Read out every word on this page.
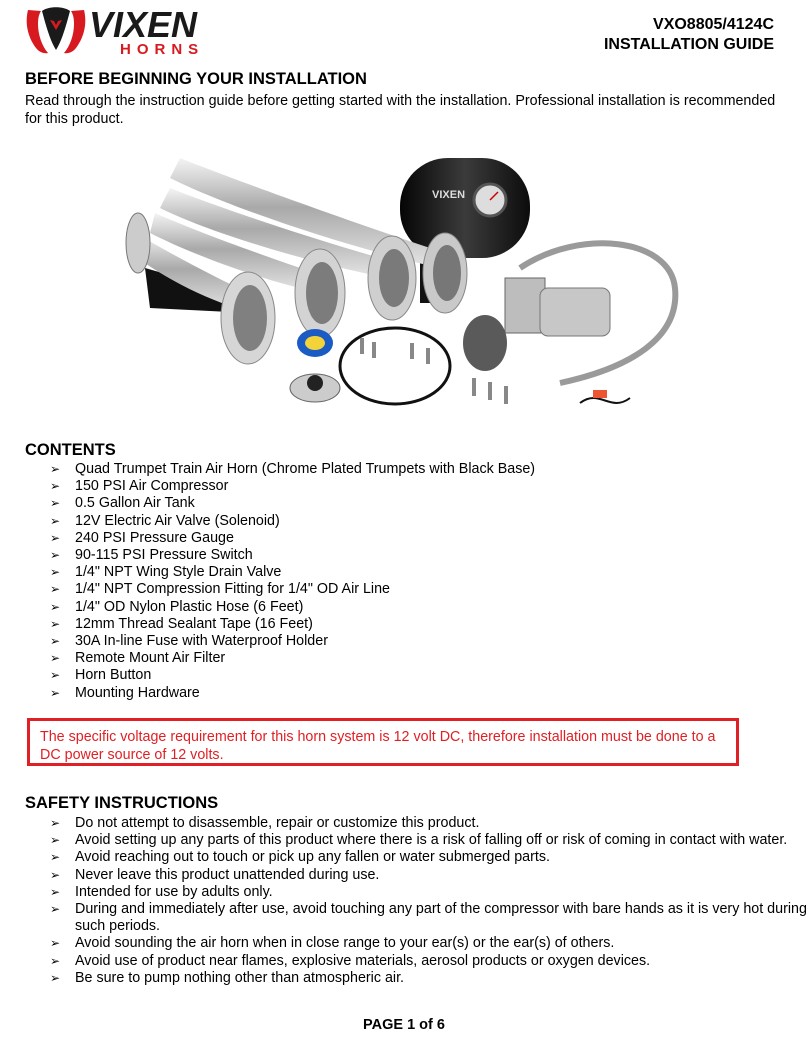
VIXEN
HORNS
VXO8805/4124C
INSTALLATION GUIDE
BEFORE BEGINNING YOUR INSTALLATION

Read through the instruction guide before getting started with the installation. Professional installation is recommended for this product.

VIXEN
CONTENTS
➢ Quad Trumpet Train Air Horn (Chrome Plated Trumpets with Black Base)
➢ 150 PSI Air Compressor
➢ 0.5 Gallon Air Tank
➢ 12V Electric Air Valve (Solenoid)
➢ 240 PSI Pressure Gauge
➢ 90-115 PSI Pressure Switch
➢ 1/4" NPT Wing Style Drain Valve
➢ 1/4" NPT Compression Fitting for 1/4" OD Air Line
➢ 1/4" OD Nylon Plastic Hose (6 Feet)
➢ 12mm Thread Sealant Tape (16 Feet)
➢ 30A In-line Fuse with Waterproof Holder
➢ Remote Mount Air Filter
➢ Horn Button
➢ Mounting Hardware

The specific voltage requirement for this horn system is 12 volt DC, therefore installation must be done to a DC power source of 12 volts.

SAFETY INSTRUCTIONS
➢ Do not attempt to disassemble, repair or customize this product.
➢ Avoid setting up any parts of this product where there is a risk of falling off or risk of coming in contact with water.
➢ Avoid reaching out to touch or pick up any fallen or water submerged parts.
➢ Never leave this product unattended during use.
➢ Intended for use by adults only.
➢ During and immediately after use, avoid touching any part of the compressor with bare hands as it is very hot during such periods.
➢ Avoid sounding the air horn when in close range to your ear(s) or the ear(s) of others.
➢ Avoid use of product near flames, explosive materials, aerosol products or oxygen devices.
➢ Be sure to pump nothing other than atmospheric air.
PAGE 1 of 6
